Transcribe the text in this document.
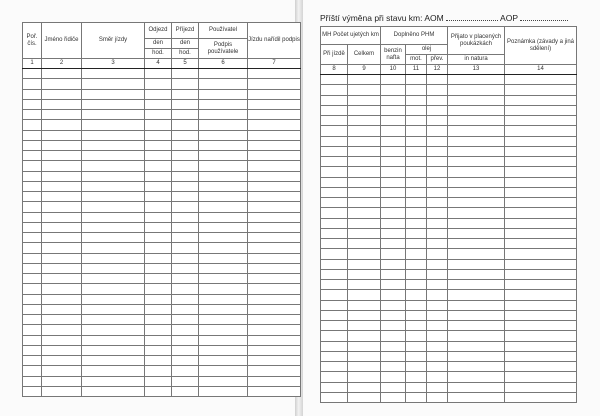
Poř. čís.	Jméno řidiče	Směr jízdy	Odjezd	Příjezd	Používatel	Jízdu nařídil podpis
			den	den	Podpis používatele	
			hod.	hod.		
1	2	3	4	5	6	7

Příští výměna při stavu km: AOM	AOP
MH Počet ujetých km		Doplněno PHM			Přijato v placených poukázkách	Poznámka (závady a jiná sdělení)
Při jízdě	Celkem	benzin nafta	olej			
			mot.	přev.	in natura	
8	9	10	11	12	13	14
